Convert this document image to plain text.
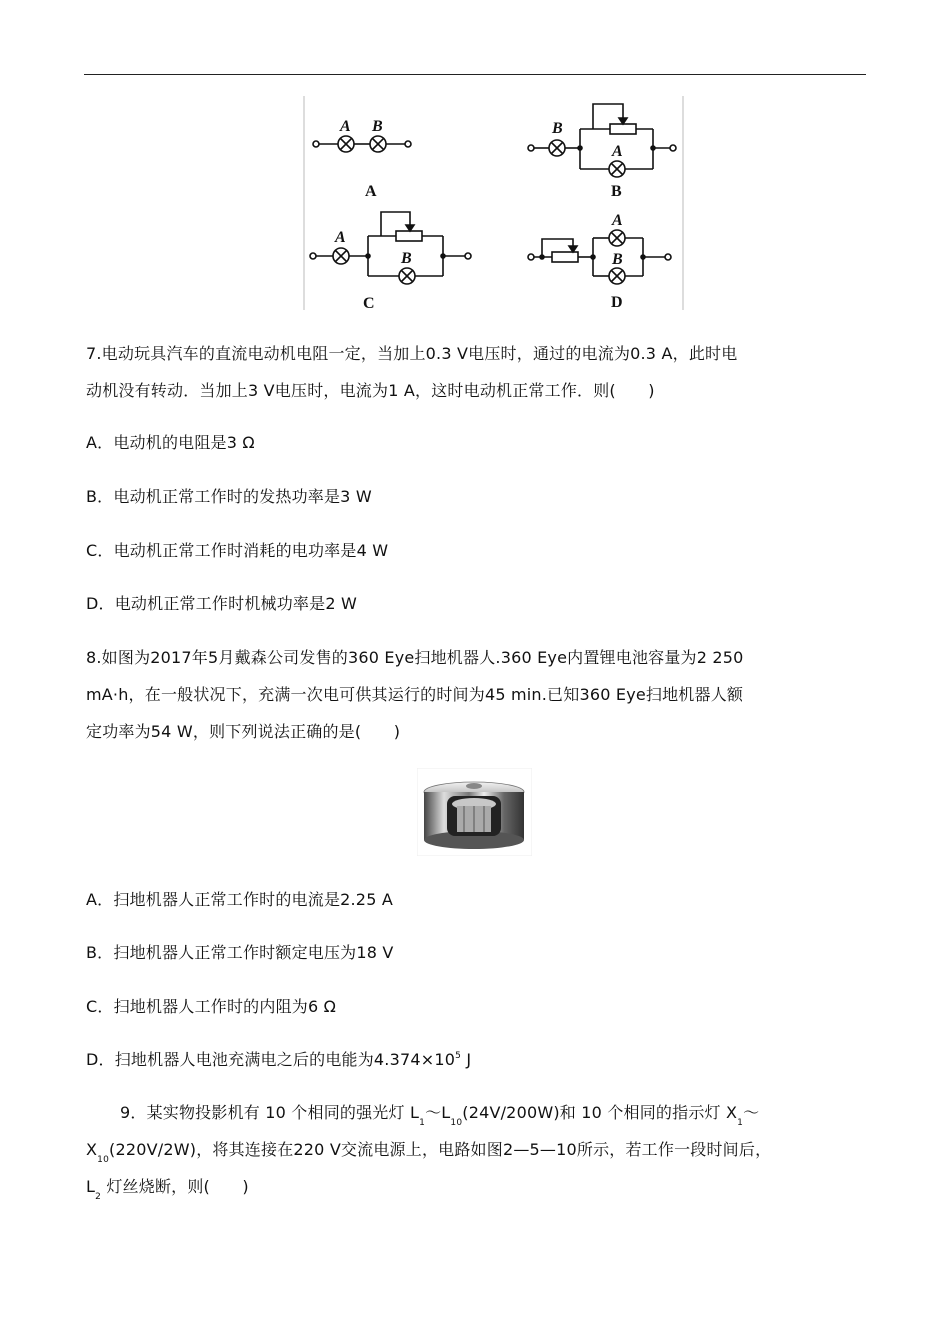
A B
A
B
A
B
A
B
C
A
B
D
7.电动玩具汽车的直流电动机电阻一定，当加上0.3 V电压时，通过的电流为0.3 A，此时电
动机没有转动．当加上3 V电压时，电流为1 A，这时电动机正常工作．则(　　)
A．电动机的电阻是3 Ω
B．电动机正常工作时的发热功率是3 W
C．电动机正常工作时消耗的电功率是4 W
D．电动机正常工作时机械功率是2 W
8.如图为2017年5月戴森公司发售的360 Eye扫地机器人.360 Eye内置锂电池容量为2 250
mA·h，在一般状况下，充满一次电可供其运行的时间为45 min.已知360 Eye扫地机器人额
定功率为54 W，则下列说法正确的是(　　)
A．扫地机器人正常工作时的电流是2.25 A
B．扫地机器人正常工作时额定电压为18 V
C．扫地机器人工作时的内阻为6 Ω
D．扫地机器人电池充满电之后的电能为$4.374\times 10^5$ J
9．某实物投影机有 10 个相同的强光灯 $L_1\sim L_{10}(24V/200W)$和 10 个相同的指示灯 $X_1\sim$
$X_{10}(220V/2W)$，将其连接在220 V交流电源上，电路如图2—5—10所示，若工作一段时间后，
$L_2$ 灯丝烧断，则(　　)
